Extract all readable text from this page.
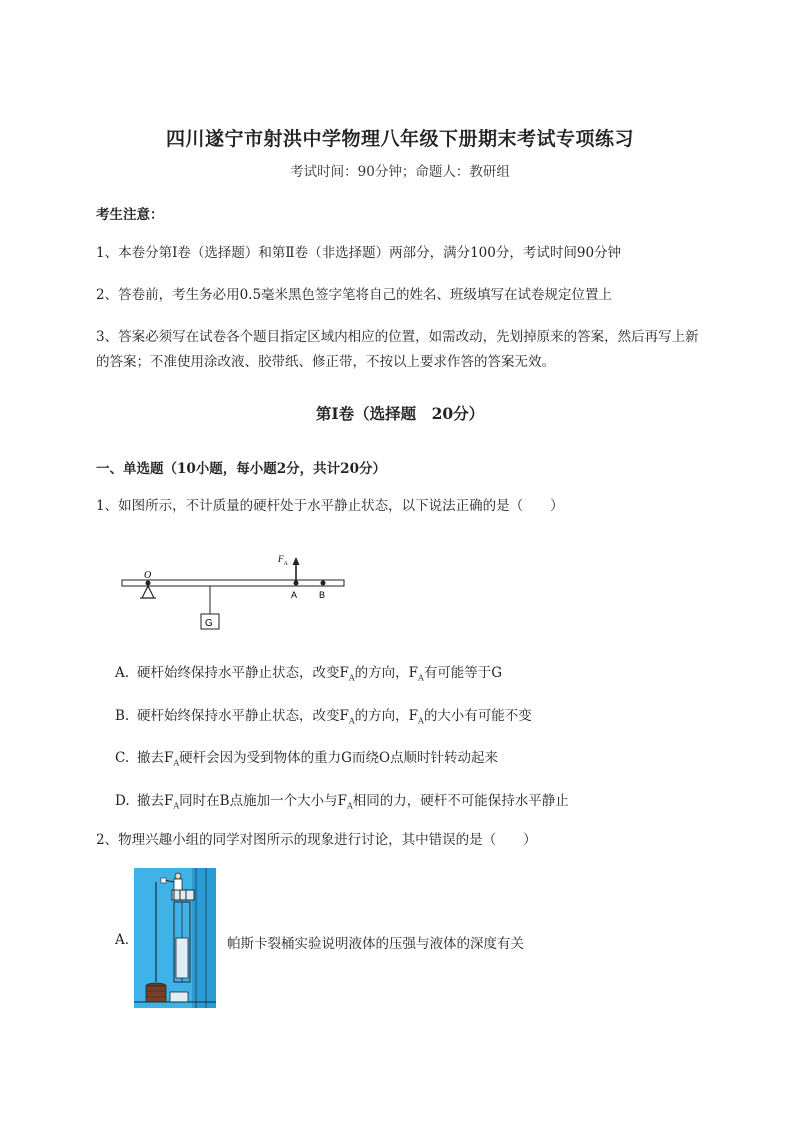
四川遂宁市射洪中学物理八年级下册期末考试专项练习
考试时间：90分钟；命题人：教研组
考生注意：
1、本卷分第Ⅰ卷（选择题）和第Ⅱ卷（非选择题）两部分，满分100分，考试时间90分钟
2、答卷前，考生务必用0.5毫米黑色签字笔将自己的姓名、班级填写在试卷规定位置上
3、答案必须写在试卷各个题目指定区域内相应的位置，如需改动，先划掉原来的答案，然后再写上新
的答案；不准使用涂改液、胶带纸、修正带，不按以上要求作答的答案无效。
第Ⅰ卷（选择题　20分）
一、单选题（10小题，每小题2分，共计20分）
1、如图所示，不计质量的硬杆处于水平静止状态，以下说法正确的是（　　）
O
G
$F_A$
A B
A. 硬杆始终保持水平静止状态，改变$F_A$的方向，$F_A$有可能等于G
B. 硬杆始终保持水平静止状态，改变$F_A$的方向，$F_A$的大小有可能不变
C. 撤去$F_A$硬杆会因为受到物体的重力G而绕O点顺时针转动起来
D. 撤去$F_A$同时在B点施加一个大小与$F_A$相同的力，硬杆不可能保持水平静止
2、物理兴趣小组的同学对图所示的现象进行讨论，其中错误的是（　　）
A.	帕斯卡裂桶实验说明液体的压强与液体的深度有关
